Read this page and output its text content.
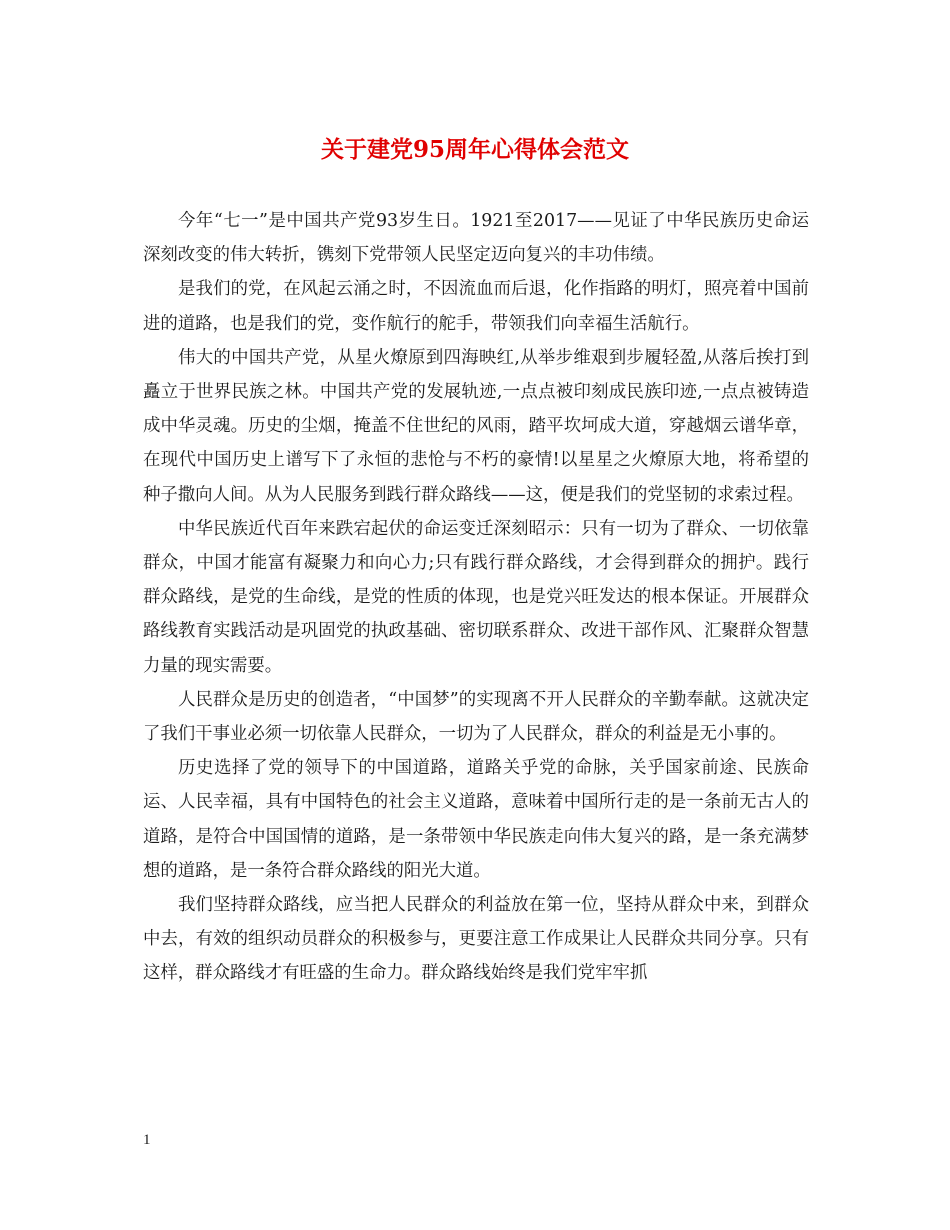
关于建党95周年心得体会范文

今年“七一”是中国共产党93岁生日。1921至2017——见证了中华民族历史命运深刻改变的伟大转折，镌刻下党带领人民坚定迈向复兴的丰功伟绩。

是我们的党，在风起云涌之时，不因流血而后退，化作指路的明灯，照亮着中国前进的道路，也是我们的党，变作航行的舵手，带领我们向幸福生活航行。

伟大的中国共产党，从星火燎原到四海映红,从举步维艰到步履轻盈,从落后挨打到矗立于世界民族之林。中国共产党的发展轨迹,一点点被印刻成民族印迹,一点点被铸造成中华灵魂。历史的尘烟，掩盖不住世纪的风雨，踏平坎坷成大道，穿越烟云谱华章，在现代中国历史上谱写下了永恒的悲怆与不朽的豪情!以星星之火燎原大地，将希望的种子撒向人间。从为人民服务到践行群众路线——这，便是我们的党坚韧的求索过程。

中华民族近代百年来跌宕起伏的命运变迁深刻昭示：只有一切为了群众、一切依靠群众，中国才能富有凝聚力和向心力;只有践行群众路线，才会得到群众的拥护。践行群众路线，是党的生命线，是党的性质的体现，也是党兴旺发达的根本保证。开展群众路线教育实践活动是巩固党的执政基础、密切联系群众、改进干部作风、汇聚群众智慧力量的现实需要。

人民群众是历史的创造者，“中国梦”的实现离不开人民群众的辛勤奉献。这就决定了我们干事业必须一切依靠人民群众，一切为了人民群众，群众的利益是无小事的。

历史选择了党的领导下的中国道路，道路关乎党的命脉，关乎国家前途、民族命运、人民幸福，具有中国特色的社会主义道路，意味着中国所行走的是一条前无古人的道路，是符合中国国情的道路，是一条带领中华民族走向伟大复兴的路，是一条充满梦想的道路，是一条符合群众路线的阳光大道。

我们坚持群众路线，应当把人民群众的利益放在第一位，坚持从群众中来，到群众中去，有效的组织动员群众的积极参与，更要注意工作成果让人民群众共同分享。只有这样，群众路线才有旺盛的生命力。群众路线始终是我们党牢牢抓

1
